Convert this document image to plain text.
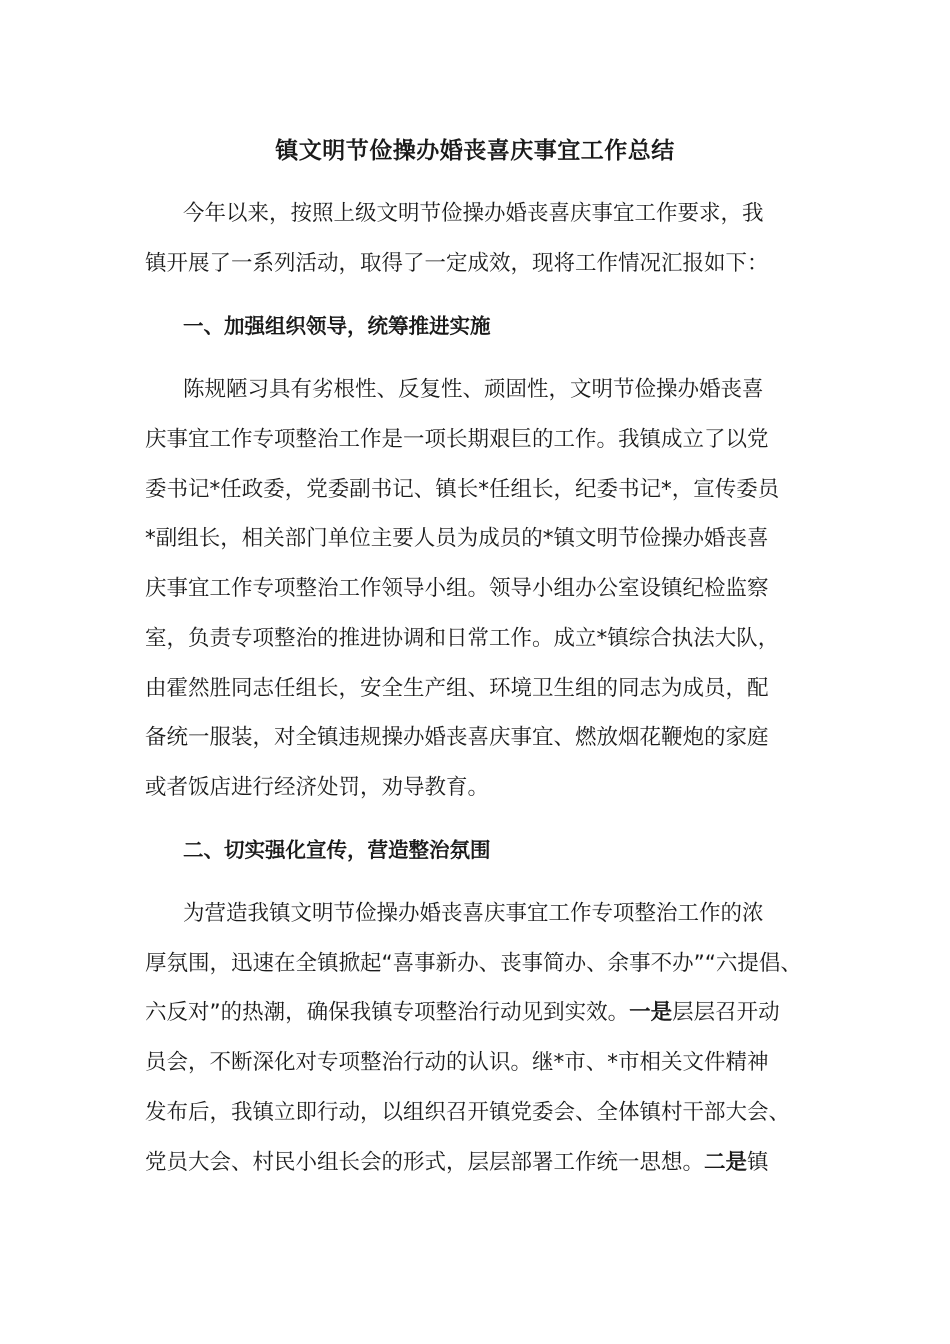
镇文明节俭操办婚丧喜庆事宜工作总结
今年以来，按照上级文明节俭操办婚丧喜庆事宜工作要求，我
镇开展了一系列活动，取得了一定成效，现将工作情况汇报如下：
一、加强组织领导，统筹推进实施
陈规陋习具有劣根性、反复性、顽固性，文明节俭操办婚丧喜
庆事宜工作专项整治工作是一项长期艰巨的工作。我镇成立了以党
委书记*任政委，党委副书记、镇长*任组长，纪委书记*，宣传委员
*副组长，相关部门单位主要人员为成员的*镇文明节俭操办婚丧喜
庆事宜工作专项整治工作领导小组。领导小组办公室设镇纪检监察
室，负责专项整治的推进协调和日常工作。成立*镇综合执法大队，
由霍然胜同志任组长，安全生产组、环境卫生组的同志为成员，配
备统一服装，对全镇违规操办婚丧喜庆事宜、燃放烟花鞭炮的家庭
或者饭店进行经济处罚，劝导教育。
二、切实强化宣传，营造整治氛围
为营造我镇文明节俭操办婚丧喜庆事宜工作专项整治工作的浓
厚氛围，迅速在全镇掀起“喜事新办、丧事简办、余事不办”“六提倡、
六反对”的热潮，确保我镇专项整治行动见到实效。一是层层召开动
员会，不断深化对专项整治行动的认识。继*市、*市相关文件精神
发布后，我镇立即行动，以组织召开镇党委会、全体镇村干部大会、
党员大会、村民小组长会的形式，层层部署工作统一思想。二是镇
